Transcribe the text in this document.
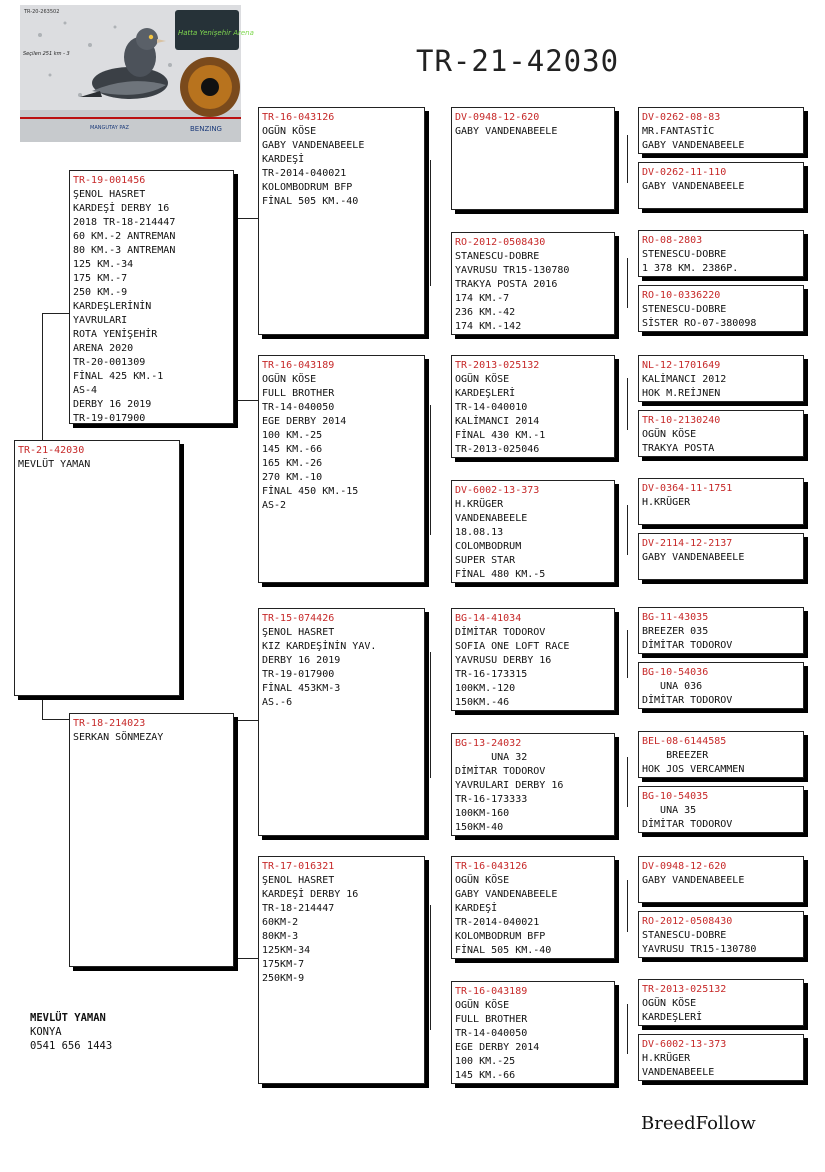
Hatta Yenişehir Arena
TR-20-263502
Seçilen 251 km - 3
MANGUTAY PAZ	BENZING
TR-21-42030
TR-21-42030
MEVLÜT YAMAN
TR-19-001456
ŞENOL HASRET
KARDEŞİ DERBY 16
2018 TR-18-214447
60 KM.-2 ANTREMAN
80 KM.-3 ANTREMAN
125 KM.-34
175 KM.-7
250 KM.-9
KARDEŞLERİNİN
YAVRULARI
ROTA YENİŞEHİR
ARENA 2020
TR-20-001309
FİNAL 425 KM.-1
AS-4
DERBY 16 2019
TR-19-017900
TR-18-214023
SERKAN SÖNMEZAY
TR-16-043126
OGÜN KÖSE
GABY VANDENABEELE
KARDEŞİ
TR-2014-040021
KOLOMBODRUM BFP
FİNAL 505 KM.-40
TR-16-043189
OGÜN KÖSE
FULL BROTHER
TR-14-040050
EGE DERBY 2014
100 KM.-25
145 KM.-66
165 KM.-26
270 KM.-10
FİNAL 450 KM.-15
AS-2
TR-15-074426
ŞENOL HASRET
KIZ KARDEŞİNİN YAV.
DERBY 16 2019
TR-19-017900
FİNAL 453KM-3
AS.-6
TR-17-016321
ŞENOL HASRET
KARDEŞİ DERBY 16
TR-18-214447
60KM-2
80KM-3
125KM-34
175KM-7
250KM-9
DV-0948-12-620
GABY VANDENABEELE
RO-2012-0508430
STANESCU-DOBRE
YAVRUSU TR15-130780
TRAKYA POSTA 2016
174 KM.-7
236 KM.-42
174 KM.-142
TR-2013-025132
OGÜN KÖSE
KARDEŞLERİ
TR-14-040010
KALİMANCI 2014
FİNAL 430 KM.-1
TR-2013-025046
DV-6002-13-373
H.KRÜGER
VANDENABEELE
18.08.13
COLOMBODRUM
SUPER STAR
FİNAL 480 KM.-5
BG-14-41034
DİMİTAR TODOROV
SOFIA ONE LOFT RACE
YAVRUSU DERBY 16
TR-16-173315
100KM.-120
150KM.-46
BG-13-24032
UNA 32
DİMİTAR TODOROV
YAVRULARI DERBY 16
TR-16-173333
100KM-160
150KM-40
TR-16-043126
OGÜN KÖSE
GABY VANDENABEELE
KARDEŞİ
TR-2014-040021
KOLOMBODRUM BFP
FİNAL 505 KM.-40
TR-16-043189
OGÜN KÖSE
FULL BROTHER
TR-14-040050
EGE DERBY 2014
100 KM.-25
145 KM.-66
DV-0262-08-83
MR.FANTASTİC
GABY VANDENABEELE
DV-0262-11-110
GABY VANDENABEELE
RO-08-2803
STENESCU-DOBRE
1 378 KM. 2386P.
RO-10-0336220
STENESCU-DOBRE
SİSTER RO-07-380098
NL-12-1701649
KALİMANCI 2012
HOK M.REİJNEN
TR-10-2130240
OGÜN KÖSE
TRAKYA POSTA
DV-0364-11-1751
H.KRÜGER
DV-2114-12-2137
GABY VANDENABEELE
BG-11-43035
BREEZER 035
DİMİTAR TODOROV
BG-10-54036
UNA 036
DİMİTAR TODOROV
BEL-08-6144585
BREEZER
HOK JOS VERCAMMEN
BG-10-54035
UNA 35
DİMİTAR TODOROV
DV-0948-12-620
GABY VANDENABEELE
RO-2012-0508430
STANESCU-DOBRE
YAVRUSU TR15-130780
TR-2013-025132
OGÜN KÖSE
KARDEŞLERİ
DV-6002-13-373
H.KRÜGER
VANDENABEELE
MEVLÜT YAMAN
KONYA
0541 656 1443
BreedFollow
